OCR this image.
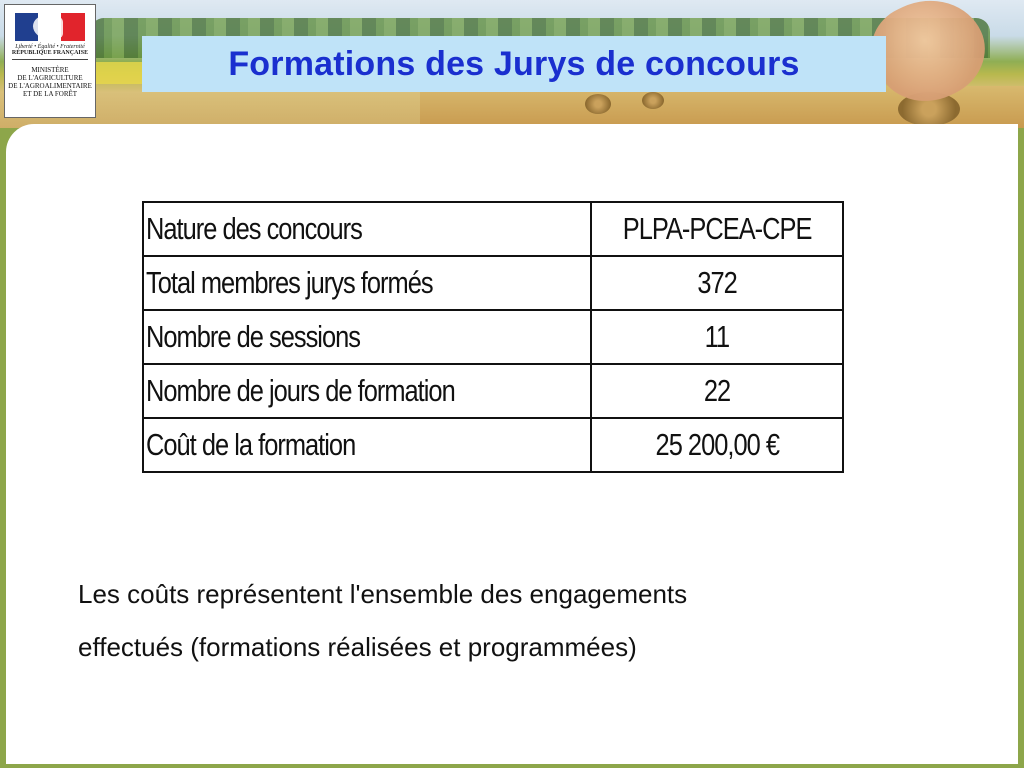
Liberté • Égalité • Fraternité
RÉPUBLIQUE FRANÇAISE
MINISTÈRE
DE L'AGRICULTURE
DE L'AGROALIMENTAIRE
ET DE LA FORÊT
Formations des Jurys de concours
Nature des concours	PLPA-PCEA-CPE
Total membres jurys formés	372
Nombre de sessions	11
Nombre de jours de formation	22
Coût de la formation	25 200,00 €
Les coûts représentent l'ensemble des engagements
effectués (formations réalisées et programmées)
